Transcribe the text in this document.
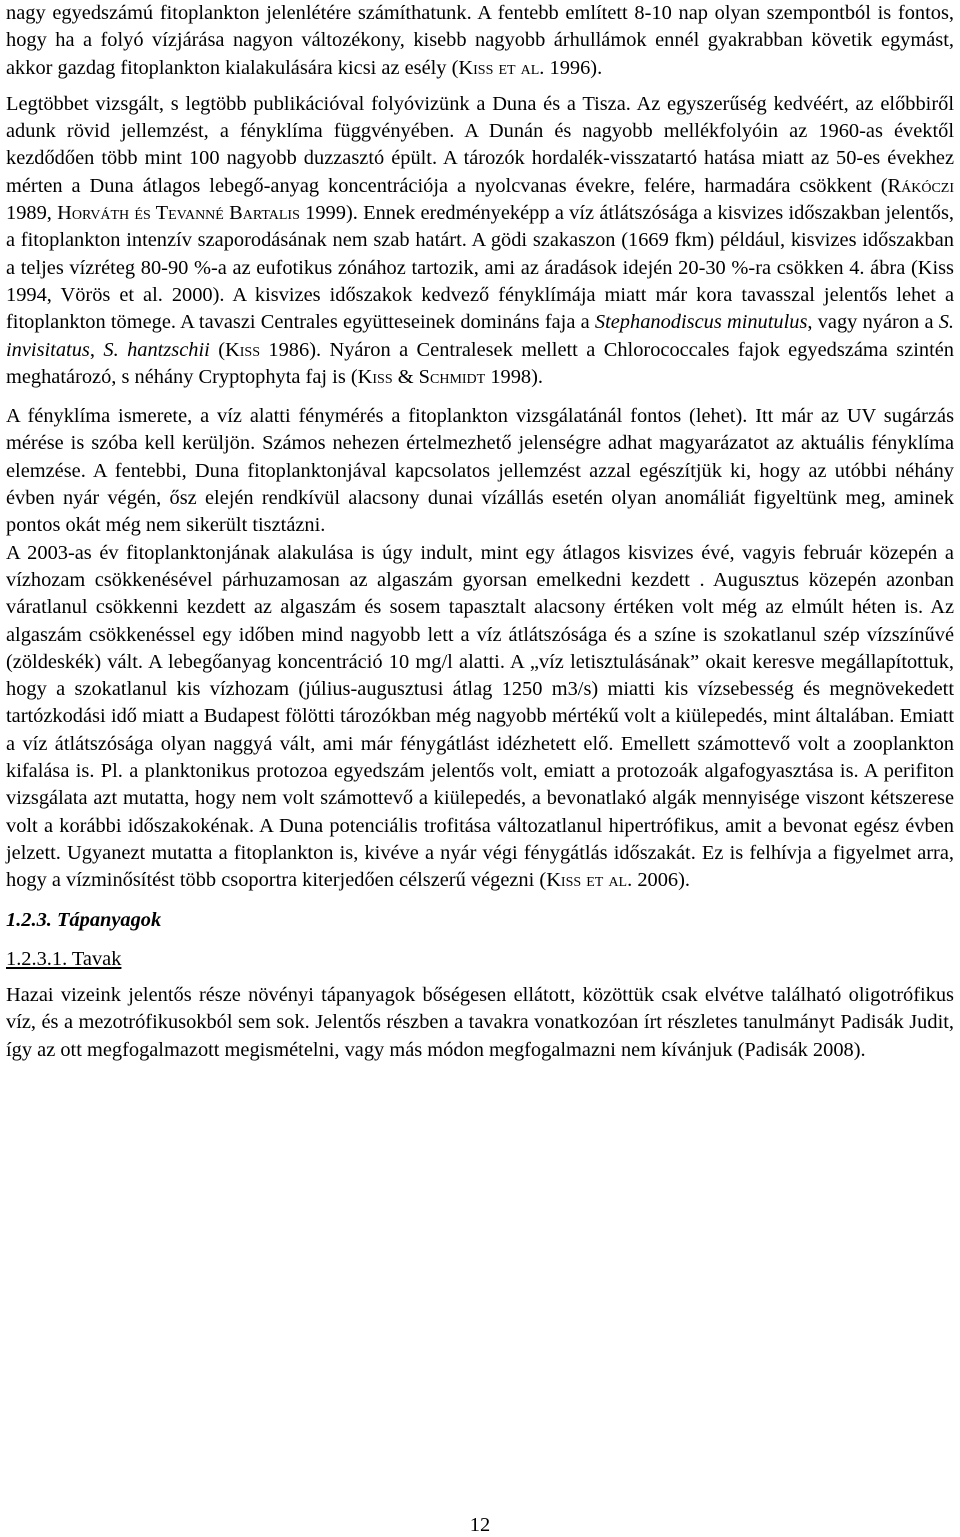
nagy egyedszámú fitoplankton jelenlétére számíthatunk. A fentebb említett 8-10 nap olyan szempontból is fontos, hogy ha a folyó vízjárása nagyon változékony, kisebb nagyobb árhullámok ennél gyakrabban követik egymást, akkor gazdag fitoplankton kialakulására kicsi az esély (Kiss et al. 1996).

Legtöbbet vizsgált, s legtöbb publikációval folyóvizünk a Duna és a Tisza. Az egyszerűség kedvéért, az előbbiről adunk rövid jellemzést, a fényklíma függvényében. A Dunán és nagyobb mellékfolyóin az 1960-as évektől kezdődően több mint 100 nagyobb duzzasztó épült. A tározók hordalék-visszatartó hatása miatt az 50-es évekhez mérten a Duna átlagos lebegő-anyag koncentrációja a nyolcvanas évekre, felére, harmadára csökkent (Rákóczi 1989, Horváth és Tevanné Bartalis 1999). Ennek eredményeképp a víz átlátszósága a kisvizes időszakban jelentős, a fitoplankton intenzív szaporodásának nem szab határt. A gödi szakaszon (1669 fkm) például, kisvizes időszakban a teljes vízréteg 80-90 %-a az eufotikus zónához tartozik, ami az áradások idején 20-30 %-ra csökken 4. ábra (Kiss 1994, Vörös et al. 2000). A kisvizes időszakok kedvező fényklímája miatt már kora tavasszal jelentős lehet a fitoplankton tömege. A tavaszi Centrales együtteseinek domináns faja a Stephanodiscus minutulus, vagy nyáron a S. invisitatus, S. hantzschii (Kiss 1986). Nyáron a Centralesek mellett a Chlorococcales fajok egyedszáma szintén meghatározó, s néhány Cryptophyta faj is (Kiss & Schmidt 1998).

A fényklíma ismerete, a víz alatti fénymérés a fitoplankton vizsgálatánál fontos (lehet). Itt már az UV sugárzás mérése is szóba kell kerüljön. Számos nehezen értelmezhető jelenségre adhat magyarázatot az aktuális fényklíma elemzése. A fentebbi, Duna fitoplanktonjával kapcsolatos jellemzést azzal egészítjük ki, hogy az utóbbi néhány évben nyár végén, ősz elején rendkívül alacsony dunai vízállás esetén olyan anomáliát figyeltünk meg, aminek pontos okát még nem sikerült tisztázni.

A 2003-as év fitoplanktonjának alakulása is úgy indult, mint egy átlagos kisvizes évé, vagyis február közepén a vízhozam csökkenésével párhuzamosan az algaszám gyorsan emelkedni kezdett . Augusztus közepén azonban váratlanul csökkenni kezdett az algaszám és sosem tapasztalt alacsony értéken volt még az elmúlt héten is. Az algaszám csökkenéssel egy időben mind nagyobb lett a víz átlátszósága és a színe is szokatlanul szép vízszínűvé (zöldeskék) vált. A lebegőanyag koncentráció 10 mg/l alatti. A „víz letisztulásának” okait keresve megállapítottuk, hogy a szokatlanul kis vízhozam (július-augusztusi átlag 1250 m3/s) miatti kis vízsebesség és megnövekedett tartózkodási idő miatt a Budapest fölötti tározókban még nagyobb mértékű volt a kiülepedés, mint általában. Emiatt a víz átlátszósága olyan naggyá vált, ami már fénygátlást idézhetett elő. Emellett számottevő volt a zooplankton kifalása is. Pl. a planktonikus protozoa egyedszám jelentős volt, emiatt a protozoák algafogyasztása is. A perifiton vizsgálata azt mutatta, hogy nem volt számottevő a kiülepedés, a bevonatlakó algák mennyisége viszont kétszerese volt a korábbi időszakokénak. A Duna potenciális trofitása változatlanul hipertrófikus, amit a bevonat egész évben jelzett. Ugyanezt mutatta a fitoplankton is, kivéve a nyár végi fénygátlás időszakát. Ez is felhívja a figyelmet arra, hogy a vízminősítést több csoportra kiterjedően célszerű végezni (Kiss et al. 2006).

1.2.3. Tápanyagok

1.2.3.1. Tavak

Hazai vizeink jelentős része növényi tápanyagok bőségesen ellátott, közöttük csak elvétve található oligotrófikus víz, és a mezotrófikusokból sem sok. Jelentős részben a tavakra vonatkozóan írt részletes tanulmányt Padisák Judit, így az ott megfogalmazott megismételni, vagy más módon megfogalmazni nem kívánjuk (Padisák 2008).

12
